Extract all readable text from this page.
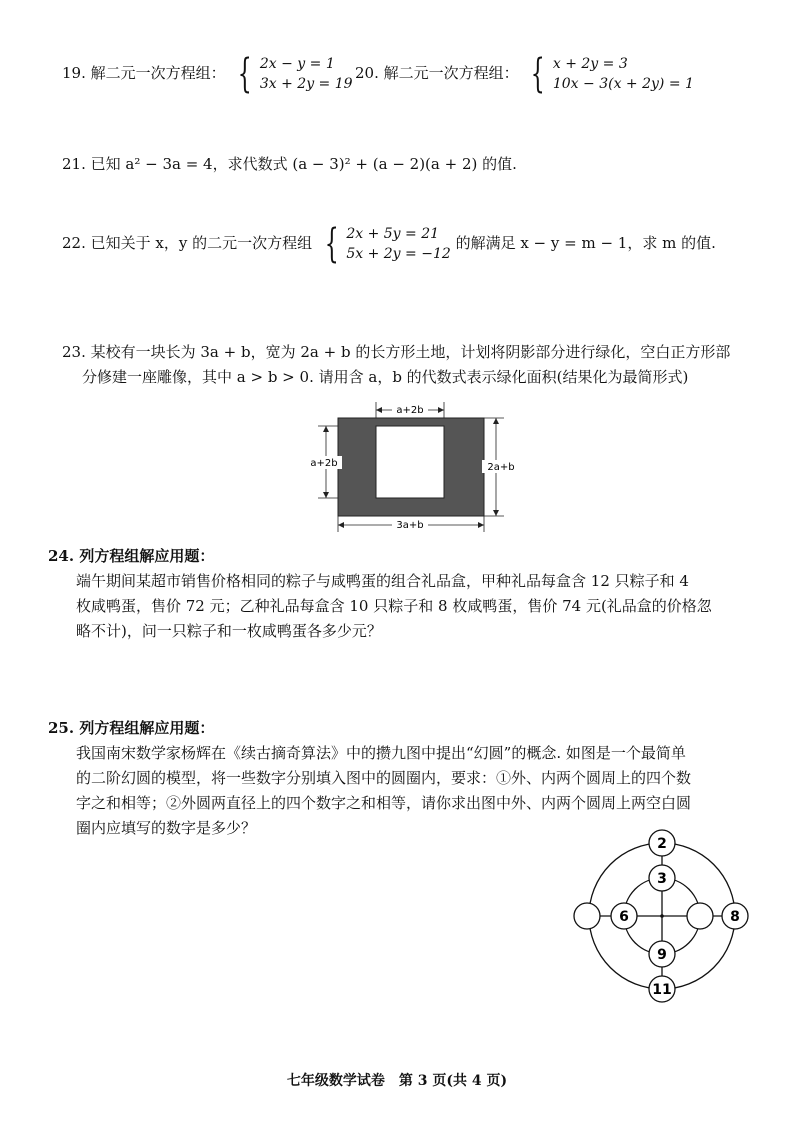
19. 解二元一次方程组： { 2x − y = 1
3x + 2y = 19
20. 解二元一次方程组： { x + 2y = 3
10x − 3(x + 2y) = 1
21. 已知 a² − 3a = 4，求代数式 (a − 3)² + (a − 2)(a + 2) 的值.
22. 已知关于 x，y 的二元一次方程组 { 2x + 5y = 21
5x + 2y = −12
的解满足 x − y = m − 1，求 m 的值.
23. 某校有一块长为 3a + b，宽为 2a + b 的长方形土地，计划将阴影部分进行绿化，空白正方形部
分修建一座雕像，其中 a > b > 0. 请用含 a，b 的代数式表示绿化面积(结果化为最简形式)
a+2b
a+2b	2a+b
3a+b
24. 列方程组解应用题：
端午期间某超市销售价格相同的粽子与咸鸭蛋的组合礼品盒，甲种礼品每盒含 12 只粽子和 4
枚咸鸭蛋，售价 72 元；乙种礼品每盒含 10 只粽子和 8 枚咸鸭蛋，售价 74 元(礼品盒的价格忽
略不计)，问一只粽子和一枚咸鸭蛋各多少元？
25. 列方程组解应用题：
我国南宋数学家杨辉在《续古摘奇算法》中的攒九图中提出“幻圆”的概念. 如图是一个最简单
的二阶幻圆的模型，将一些数字分别填入图中的圆圈内，要求：①外、内两个圆周上的四个数
字之和相等；②外圆两直径上的四个数字之和相等，请你求出图中外、内两个圆周上两空白圆
圈内应填写的数字是多少？
2
3
6	8
9
11
七年级数学试卷　第 3 页(共 4 页)
